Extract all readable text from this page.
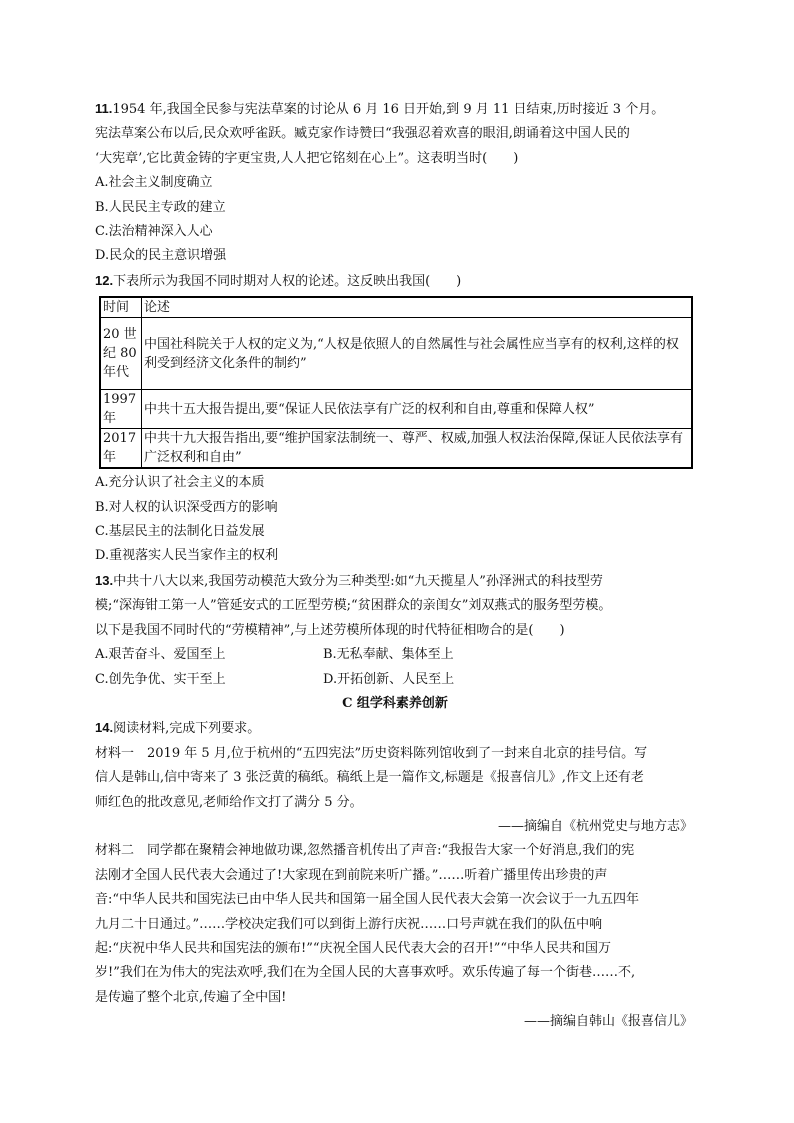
11.1954 年,我国全民参与宪法草案的讨论从 6 月 16 日开始,到 9 月 11 日结束,历时接近 3 个月。
宪法草案公布以后,民众欢呼雀跃。臧克家作诗赞曰“我强忍着欢喜的眼泪,朗诵着这中国人民的
‘大宪章’,它比黄金铸的字更宝贵,人人把它铭刻在心上”。这表明当时(　　)
A.社会主义制度确立
B.人民民主专政的建立
C.法治精神深入人心
D.民众的民主意识增强
12.下表所示为我国不同时期对人权的论述。这反映出我国(　　)
时间	论述
20 世纪 80 年代	中国社科院关于人权的定义为,“人权是依照人的自然属性与社会属性应当享有的权利,这样的权利受到经济文化条件的制约”
1997 年	中共十五大报告提出,要“保证人民依法享有广泛的权利和自由,尊重和保障人权”
2017 年	中共十九大报告指出,要“维护国家法制统一、尊严、权威,加强人权法治保障,保证人民依法享有广泛权利和自由”
A.充分认识了社会主义的本质
B.对人权的认识深受西方的影响
C.基层民主的法制化日益发展
D.重视落实人民当家作主的权利
13.中共十八大以来,我国劳动模范大致分为三种类型:如“九天揽星人”孙泽洲式的科技型劳
模;“深海钳工第一人”管延安式的工匠型劳模;“贫困群众的亲闺女”刘双燕式的服务型劳模。
以下是我国不同时代的“劳模精神”,与上述劳模所体现的时代特征相吻合的是(　　)
A.艰苦奋斗、爱国至上	B.无私奉献、集体至上
C.创先争优、实干至上	D.开拓创新、人民至上
C 组学科素养创新
14.阅读材料,完成下列要求。
材料一　2019 年 5 月,位于杭州的“五四宪法”历史资料陈列馆收到了一封来自北京的挂号信。写
信人是韩山,信中寄来了 3 张泛黄的稿纸。稿纸上是一篇作文,标题是《报喜信儿》,作文上还有老
师红色的批改意见,老师给作文打了满分 5 分。
——摘编自《杭州党史与地方志》
材料二　同学都在聚精会神地做功课,忽然播音机传出了声音:“我报告大家一个好消息,我们的宪
法刚才全国人民代表大会通过了!大家现在到前院来听广播。”……听着广播里传出珍贵的声
音:“中华人民共和国宪法已由中华人民共和国第一届全国人民代表大会第一次会议于一九五四年
九月二十日通过。”……学校决定我们可以到街上游行庆祝……口号声就在我们的队伍中响
起:“庆祝中华人民共和国宪法的颁布!”“庆祝全国人民代表大会的召开!”“中华人民共和国万
岁!”我们在为伟大的宪法欢呼,我们在为全国人民的大喜事欢呼。欢乐传遍了每一个街巷……不,
是传遍了整个北京,传遍了全中国!
——摘编自韩山《报喜信儿》
